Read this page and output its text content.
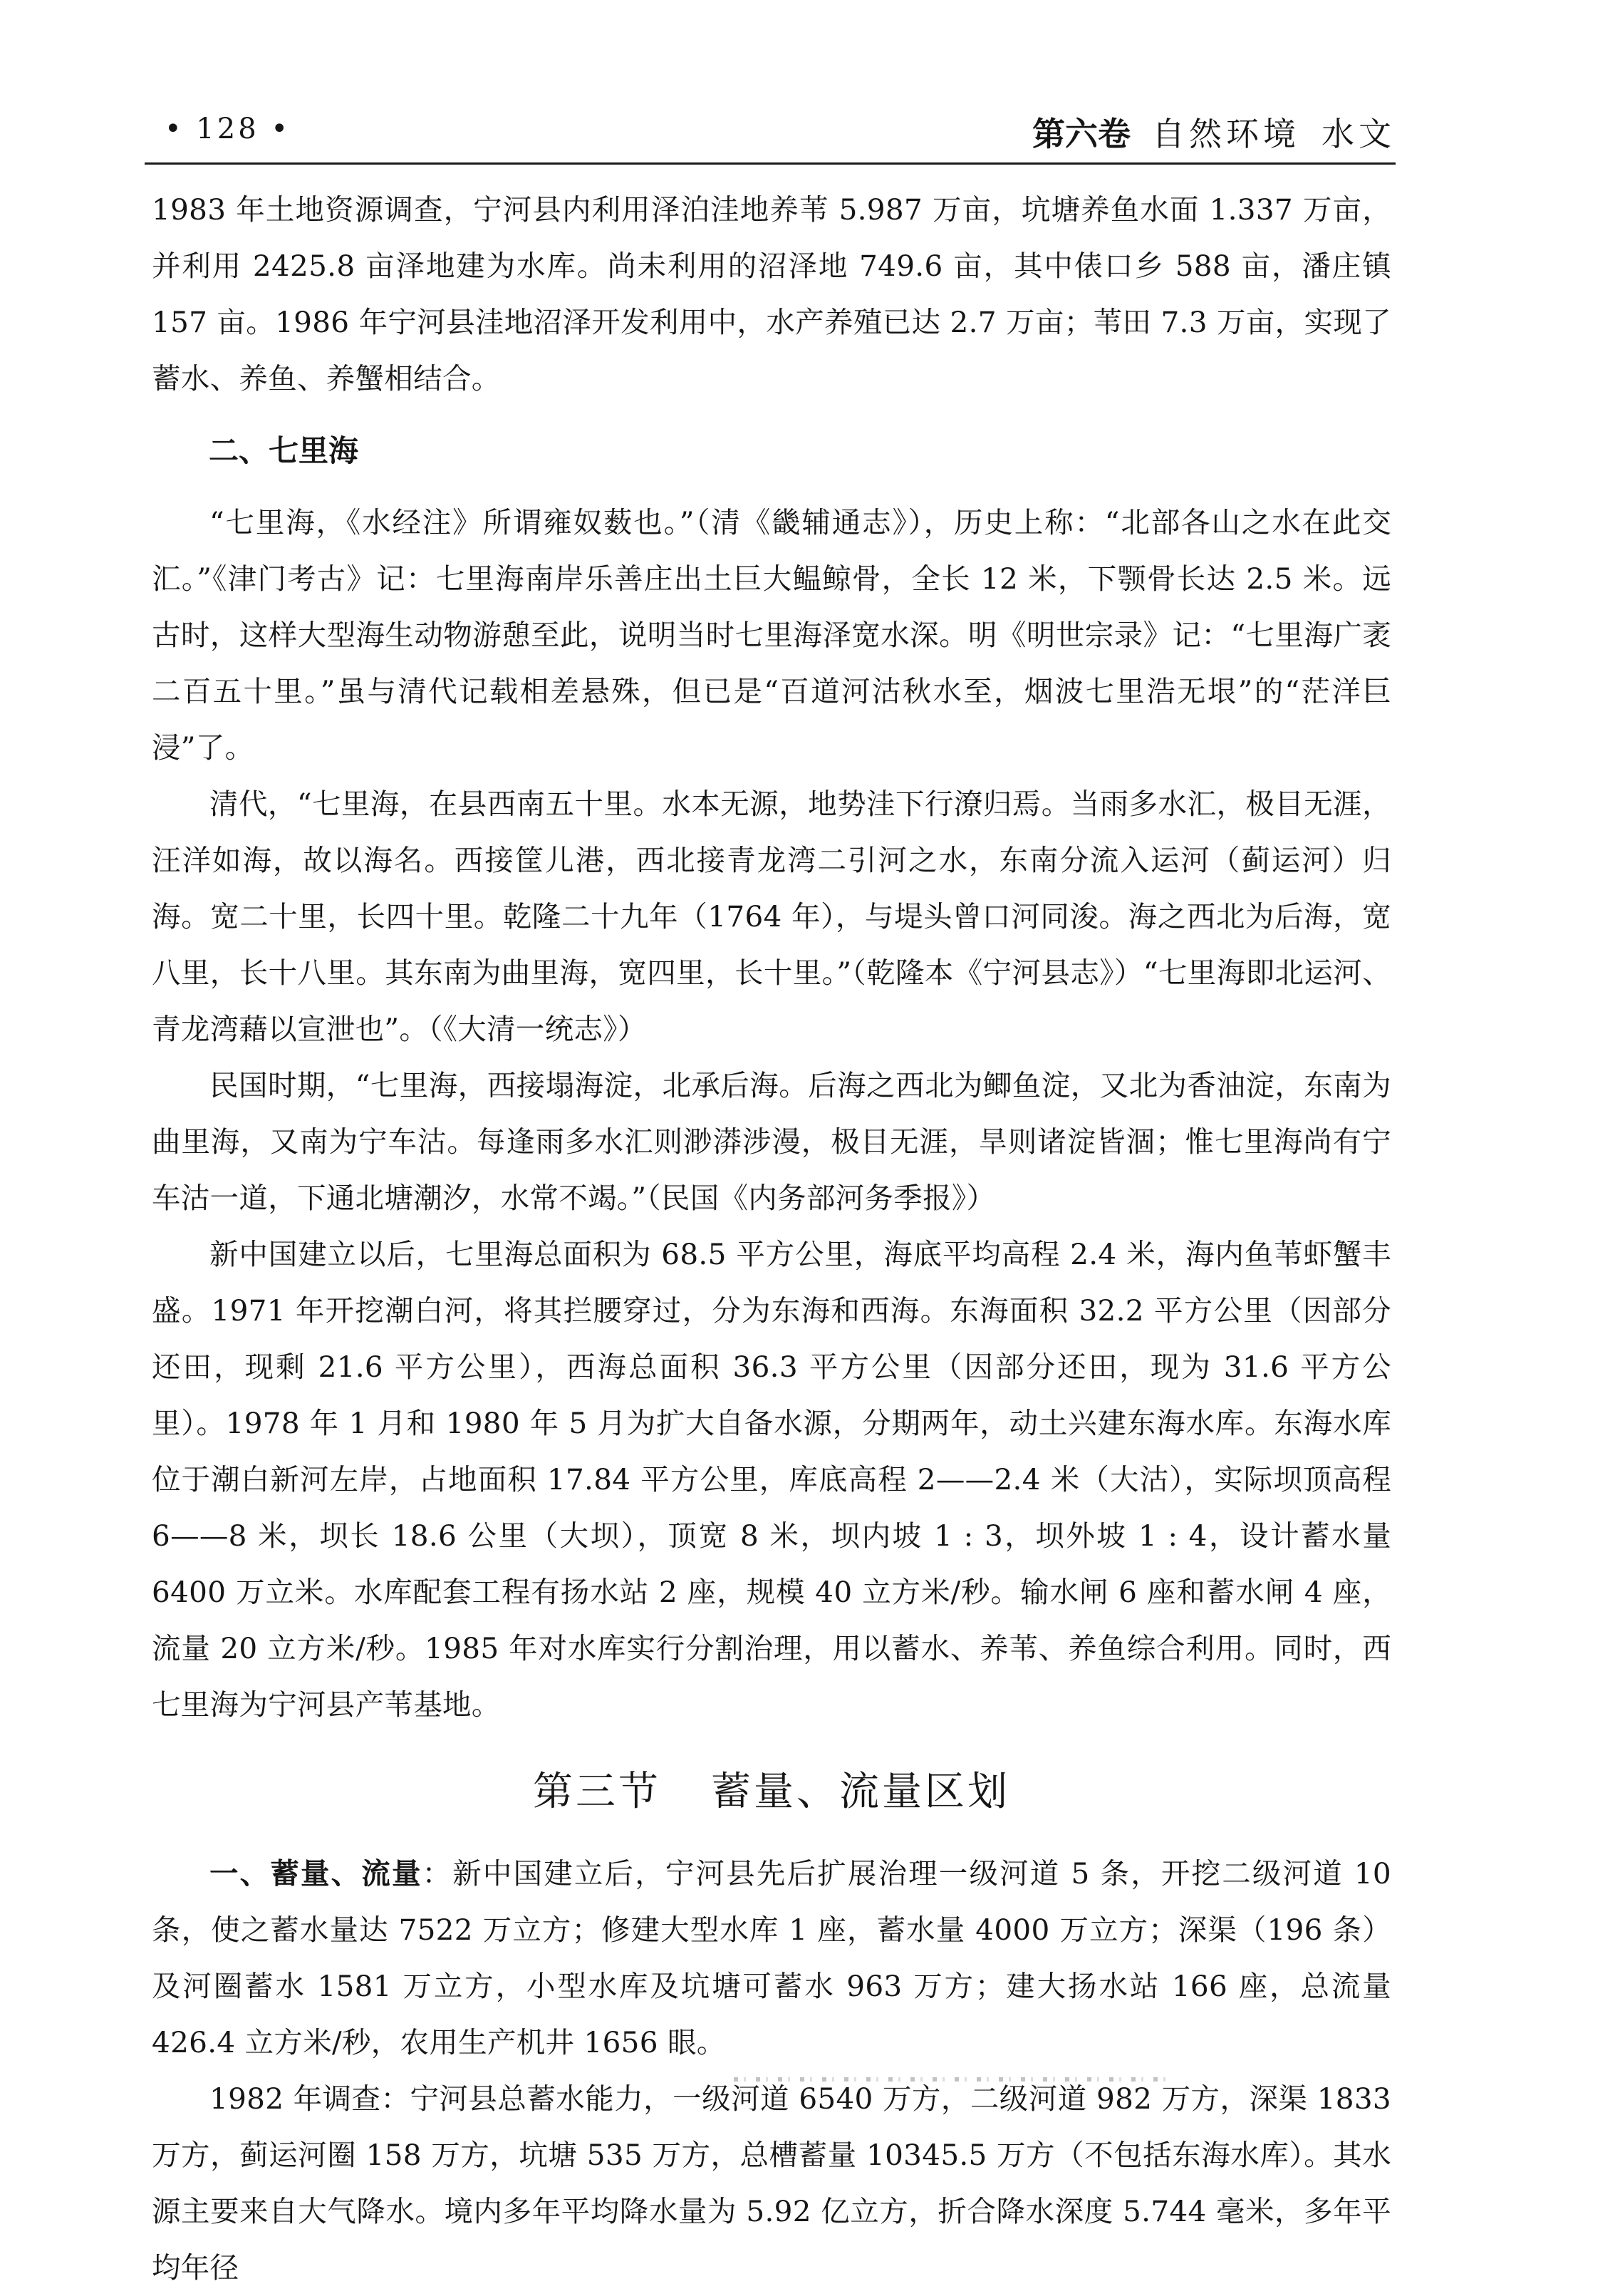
• 128 •	第六卷 自然环境 水文

1983 年土地资源调查，宁河县内利用泽泊洼地养苇 5.987 万亩，坑塘养鱼水面 1.337 万亩，并利用 2425.8 亩泽地建为水库。尚未利用的沼泽地 749.6 亩，其中俵口乡 588 亩，潘庄镇 157 亩。1986 年宁河县洼地沼泽开发利用中，水产养殖已达 2.7 万亩；苇田 7.3 万亩，实现了蓄水、养鱼、养蟹相结合。

二、七里海

“七里海，《水经注》所谓雍奴薮也。”（清《畿辅通志》），历史上称：“北部各山之水在此交汇。”《津门考古》记：七里海南岸乐善庄出土巨大鳁鲸骨，全长 12 米，下颚骨长达 2.5 米。远古时，这样大型海生动物游憩至此，说明当时七里海泽宽水深。明《明世宗录》记：“七里海广袤二百五十里。”虽与清代记载相差悬殊，但已是“百道河沽秋水至，烟波七里浩无垠”的“茫洋巨浸”了。

清代，“七里海，在县西南五十里。水本无源，地势洼下行潦归焉。当雨多水汇，极目无涯，汪洋如海，故以海名。西接筐儿港，西北接青龙湾二引河之水，东南分流入运河（蓟运河）归海。宽二十里，长四十里。乾隆二十九年（1764 年），与堤头曾口河同浚。海之西北为后海，宽八里，长十八里。其东南为曲里海，宽四里，长十里。”（乾隆本《宁河县志》）“七里海即北运河、青龙湾藉以宣泄也”。（《大清一统志》）

民国时期，“七里海，西接塌海淀，北承后海。后海之西北为鲫鱼淀，又北为香油淀，东南为曲里海，又南为宁车沽。每逢雨多水汇则渺漭涉漫，极目无涯，旱则诸淀皆涸；惟七里海尚有宁车沽一道，下通北塘潮汐，水常不竭。”（民国《内务部河务季报》）

新中国建立以后，七里海总面积为 68.5 平方公里，海底平均高程 2.4 米，海内鱼苇虾蟹丰盛。1971 年开挖潮白河，将其拦腰穿过，分为东海和西海。东海面积 32.2 平方公里（因部分还田，现剩 21.6 平方公里），西海总面积 36.3 平方公里（因部分还田，现为 31.6 平方公里）。1978 年 1 月和 1980 年 5 月为扩大自备水源，分期两年，动土兴建东海水库。东海水库位于潮白新河左岸，占地面积 17.84 平方公里，库底高程 2——2.4 米（大沽），实际坝顶高程 6——8 米，坝长 18.6 公里（大坝），顶宽 8 米，坝内坡 1 : 3，坝外坡 1 : 4，设计蓄水量 6400 万立米。水库配套工程有扬水站 2 座，规模 40 立方米/秒。输水闸 6 座和蓄水闸 4 座，流量 20 立方米/秒。1985 年对水库实行分割治理，用以蓄水、养苇、养鱼综合利用。同时，西七里海为宁河县产苇基地。

第三节 蓄量、流量区划

一、蓄量、流量：新中国建立后，宁河县先后扩展治理一级河道 5 条，开挖二级河道 10 条，使之蓄水量达 7522 万立方；修建大型水库 1 座，蓄水量 4000 万立方；深渠（196 条）及河圈蓄水 1581 万立方，小型水库及坑塘可蓄水 963 万方；建大扬水站 166 座，总流量 426.4 立方米/秒，农用生产机井 1656 眼。

1982 年调查：宁河县总蓄水能力，一级河道 6540 万方，二级河道 982 万方，深渠 1833 万方，蓟运河圈 158 万方，坑塘 535 万方，总槽蓄量 10345.5 万方（不包括东海水库）。其水源主要来自大气降水。境内多年平均降水量为 5.92 亿立方，折合降水深度 5.744 毫米，多年平均年径
